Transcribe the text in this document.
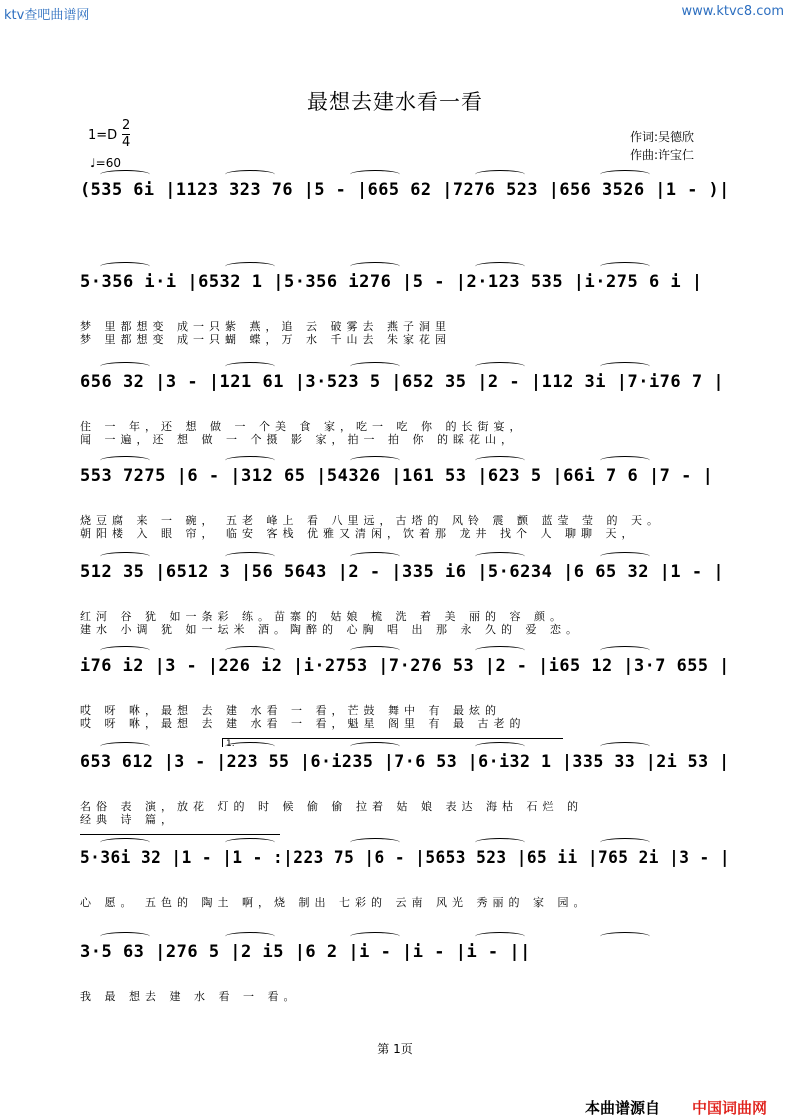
ktv查吧曲谱网	www.ktvc8.com
最想去建水看一看
1=D
2
4
♩=60
作词:吴德欣
作曲:许宝仁
(535 6i |1123 323 76 |5 - |665 62 |7276 523 |656 3526 |1 - )|
5·356 i·i |6532 1 |5·356 i276 |5 - |2·123 535 |i·275 6 i |
梦 里都想变 成一只紫 燕，追 云 破雾去 燕子洞里
梦 里都想变 成一只蝴 蝶，万 水 千山去 朱家花园
656 32 |3 - |121 61 |3·523 5 |652 35 |2 - |112 3i |7·i76 7 |
住 一 年，还 想 做 一 个美 食 家，吃一 吃 你 的长街宴，
闻 一遍，还 想 做 一 个摄 影 家，拍一 拍 你 的睬花山，
553 7275 |6 - |312 65 |54326 |161 53 |623 5 |66i 7 6 |7 - |
烧豆腐 来 一 碗， 五老 峰上 看 八里远，古塔的 风铃 震 颤 蓝莹 莹 的 天。
朝阳楼 入 眼 帘， 临安 客栈 优雅又清闲，饮着那 龙井 找个 人 聊聊 天，
512 35 |6512 3 |56 5643 |2 - |335 i6 |5·6234 |6 65 32 |1 - |
红河 谷 犹 如一条彩 练。苗寨的 姑娘 梳 洗 着 美 丽的 容 颜。
建水 小调 犹 如一坛米 酒。陶醉的 心胸 唱 出 那 永 久的 爱 恋。
i76 i2 |3 - |226 i2 |i·2753 |7·276 53 |2 - |i65 12 |3·7 655 |
哎 呀 咻，最想 去 建 水看 一 看，芒鼓 舞中 有 最炫的
哎 呀 咻，最想 去 建 水看 一 看，魁星 阁里 有 最 古老的
653 612 |3 - |223 55 |6·i235 |7·6 53 |6·i32 1 |335 33 |2i 53 |
名俗 表 演，放花 灯的 时 候 偷 偷 拉着 姑 娘 表达 海枯 石烂 的
经典 诗 篇，
5·36i 32 |1 - |1 - :|223 75 |6 - |5653 523 |65 ii |765 2i |3 - |
心 愿。 五色的 陶土 啊，烧 制出 七彩的 云南 风光 秀丽的 家 园。
3·5 63 |276 5 |2 i5 |6 2 |i - |i - |i - ||
我 最 想去 建 水 看 一 看。
1.
第 1页
本曲谱源自 中国词曲网
